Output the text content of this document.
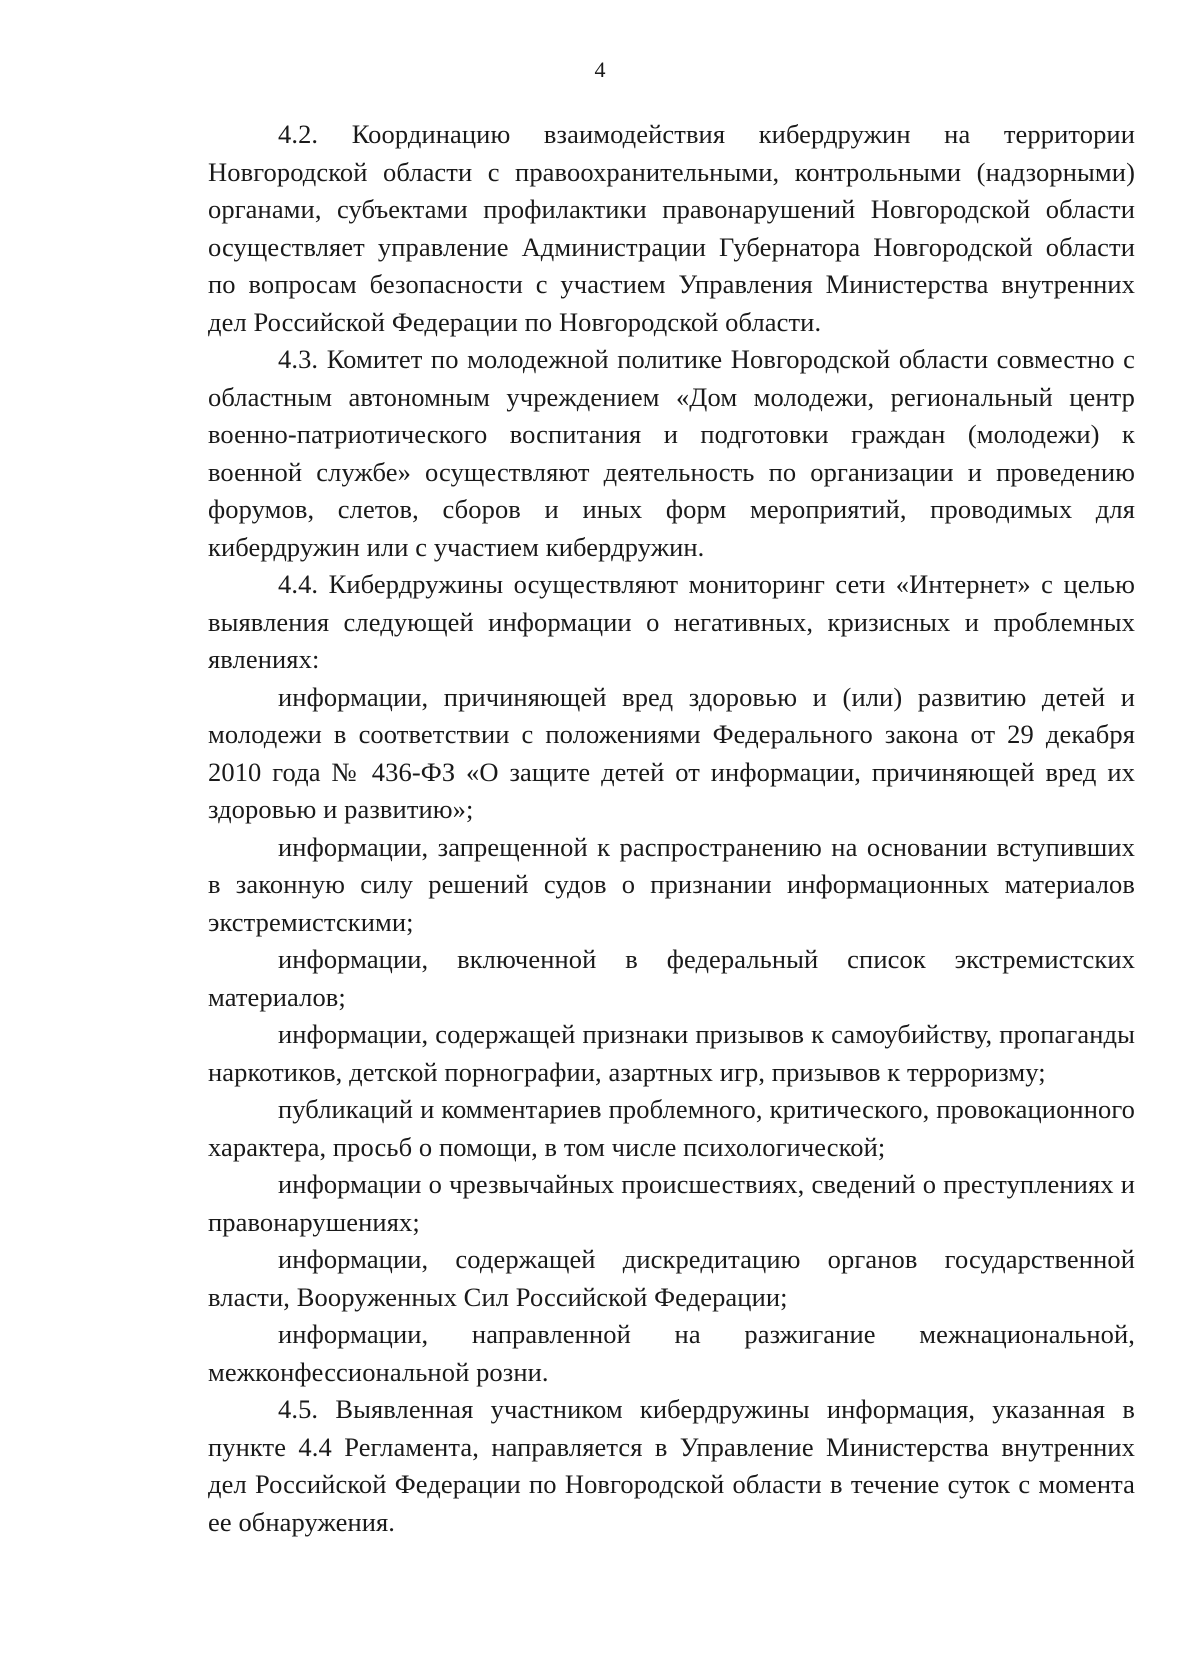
4

4.2. Координацию взаимодействия кибердружин на территории Новгородской области с правоохранительными, контрольными (надзорными) органами, субъектами профилактики правонарушений Новгородской области осуществляет управление Администрации Губернатора Новгородской области по вопросам безопасности с участием Управления Министерства внутренних дел Российской Федерации по Новгородской области.

4.3. Комитет по молодежной политике Новгородской области совместно с областным автономным учреждением «Дом молодежи, региональный центр военно-патриотического воспитания и подготовки граждан (молодежи) к военной службе» осуществляют деятельность по организации и проведению форумов, слетов, сборов и иных форм мероприятий, проводимых для кибердружин или с участием кибердружин.

4.4. Кибердружины осуществляют мониторинг сети «Интернет» с целью выявления следующей информации о негативных, кризисных и проблемных явлениях:

информации, причиняющей вред здоровью и (или) развитию детей и молодежи в соответствии с положениями Федерального закона от 29 декабря 2010 года № 436-ФЗ «О защите детей от информации, причиняющей вред их здоровью и развитию»;

информации, запрещенной к распространению на основании вступивших в законную силу решений судов о признании информационных материалов экстремистскими;

информации, включенной в федеральный список экстремистских материалов;

информации, содержащей признаки призывов к самоубийству, пропаганды наркотиков, детской порнографии, азартных игр, призывов к терроризму;

публикаций и комментариев проблемного, критического, провокационного характера, просьб о помощи, в том числе психологической;

информации о чрезвычайных происшествиях, сведений о преступлениях и правонарушениях;

информации, содержащей дискредитацию органов государственной власти, Вооруженных Сил Российской Федерации;

информации, направленной на разжигание межнациональной, межконфессиональной розни.

4.5. Выявленная участником кибердружины информация, указанная в пункте 4.4 Регламента, направляется в Управление Министерства внутренних дел Российской Федерации по Новгородской области в течение суток с момента ее обнаружения.
